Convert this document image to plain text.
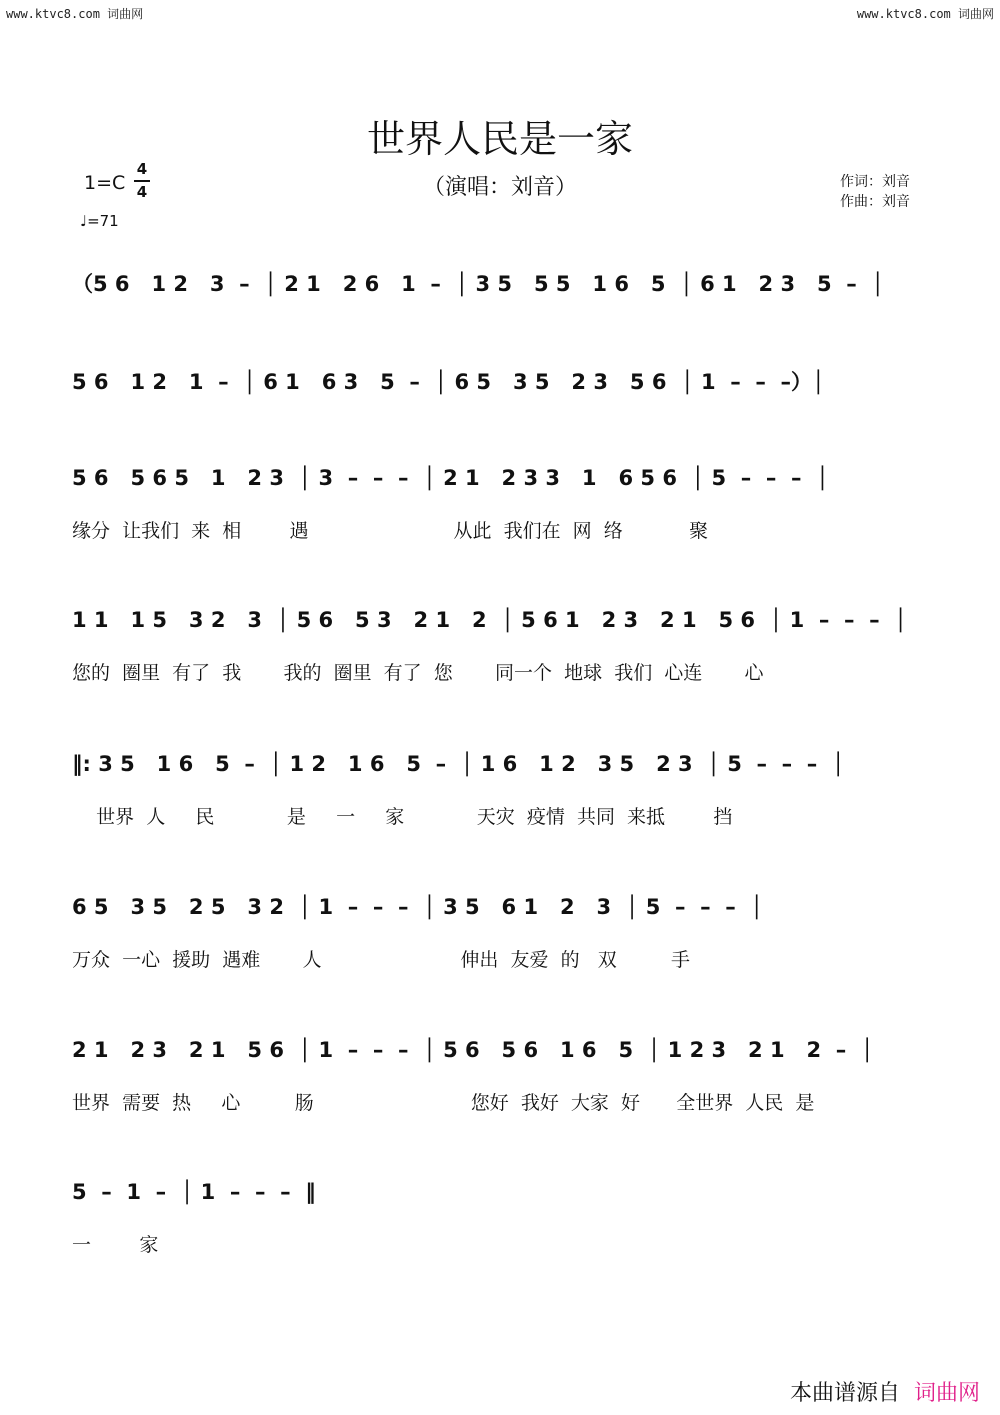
www.ktvc8.com 词曲网	www.ktvc8.com 词曲网
世界人民是一家
（演唱：刘音）
1=C
4
4
♩=71
作词：刘音
作曲：刘音
（5 6   1 2   3  –  │ 2 1   2 6   1  –  │ 3 5   5 5   1 6   5  │ 6 1   2 3   5  –  │
5 6   1 2   1  –  │ 6 1   6 3   5  –  │ 6 5   3 5   2 3   5 6  │ 1  –  –  –）│
5 6   5 6 5   1   2 3  │ 3  –  –  –  │ 2 1   2 3 3   1   6 5 6  │ 5  –  –  –  │
缘分  让我们  来  相        遇                        从此  我们在  网  络           聚
1 1   1 5   3 2   3  │ 5 6   5 3   2 1   2  │ 5 6 1   2 3   2 1   5 6  │ 1  –  –  –  │
您的  圈里  有了  我       我的  圈里  有了  您       同一个  地球  我们  心连       心
‖: 3 5   1 6   5  –  │ 1 2   1 6   5  –  │ 1 6   1 2   3 5   2 3  │ 5  –  –  –  │
世界  人     民            是     一     家            天灾  疫情  共同  来抵        挡
6 5   3 5   2 5   3 2  │ 1  –  –  –  │ 3 5   6 1   2   3  │ 5  –  –  –  │
万众  一心  援助  遇难       人                       伸出  友爱  的   双         手
2 1   2 3   2 1   5 6  │ 1  –  –  –  │ 5 6   5 6   1 6   5  │ 1 2 3   2 1   2  –  │
世界  需要  热     心         肠                          您好  我好  大家  好      全世界  人民  是
5  –  1  –  │ 1  –  –  –  ‖
一        家
本曲谱源自 词曲网
